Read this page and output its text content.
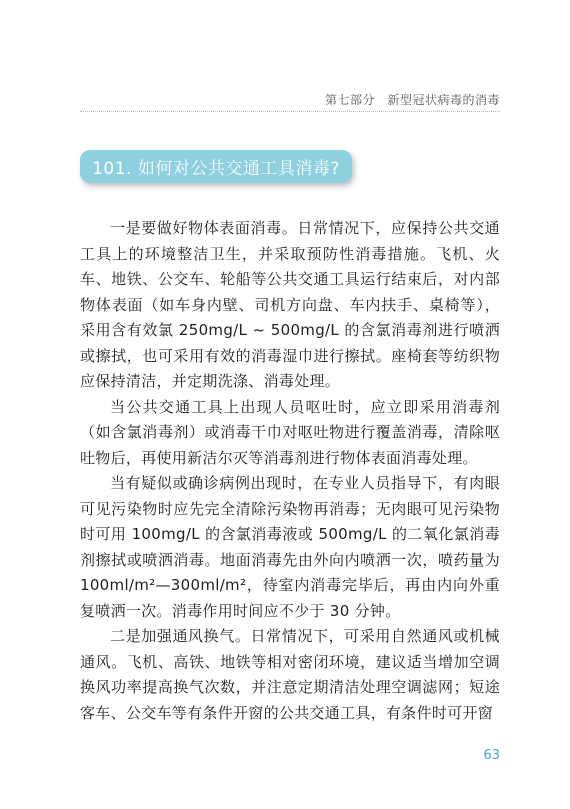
第七部分　新型冠状病毒的消毒
101. 如何对公共交通工具消毒?

一是要做好物体表面消毒。日常情况下，应保持公共交通工具上的环境整洁卫生，并采取预防性消毒措施。飞机、火车、地铁、公交车、轮船等公共交通工具运行结束后，对内部物体表面（如车身内壁、司机方向盘、车内扶手、桌椅等），采用含有效氯 250mg/L ~ 500mg/L 的含氯消毒剂进行喷洒或擦拭，也可采用有效的消毒湿巾进行擦拭。座椅套等纺织物应保持清洁，并定期洗涤、消毒处理。

当公共交通工具上出现人员呕吐时，应立即采用消毒剂（如含氯消毒剂）或消毒干巾对呕吐物进行覆盖消毒，清除呕吐物后，再使用新洁尔灭等消毒剂进行物体表面消毒处理。

当有疑似或确诊病例出现时，在专业人员指导下，有肉眼可见污染物时应先完全清除污染物再消毒；无肉眼可见污染物时可用 100mg/L 的含氯消毒液或 500mg/L 的二氧化氯消毒剂擦拭或喷洒消毒。地面消毒先由外向内喷洒一次，喷药量为 100ml/m²—300ml/m²，待室内消毒完毕后，再由内向外重复喷洒一次。消毒作用时间应不少于 30 分钟。

二是加强通风换气。日常情况下，可采用自然通风或机械通风。飞机、高铁、地铁等相对密闭环境，建议适当增加空调换风功率提高换气次数，并注意定期清洁处理空调滤网；短途客车、公交车等有条件开窗的公共交通工具，有条件时可开窗

63
